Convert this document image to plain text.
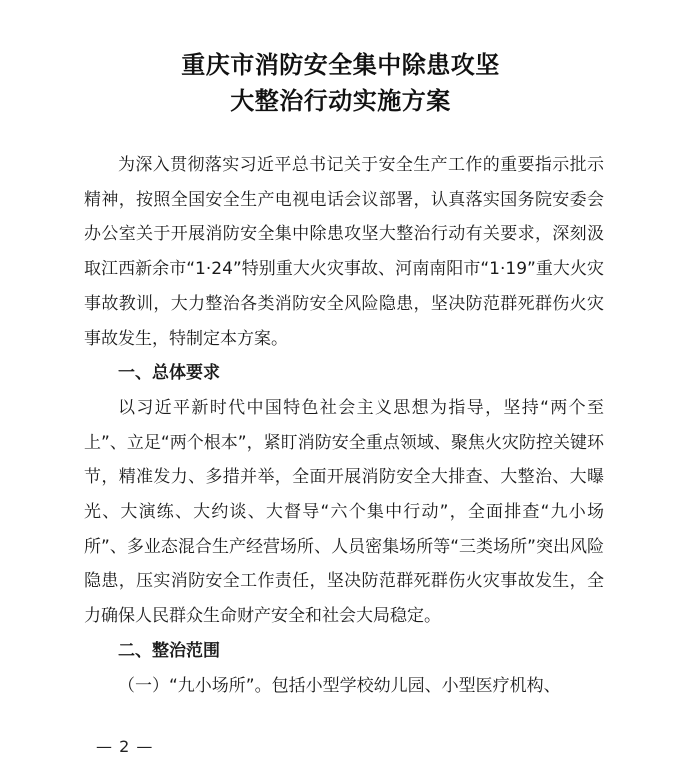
重庆市消防安全集中除患攻坚
大整治行动实施方案

为深入贯彻落实习近平总书记关于安全生产工作的重要指示批示精神，按照全国安全生产电视电话会议部署，认真落实国务院安委会办公室关于开展消防安全集中除患攻坚大整治行动有关要求，深刻汲取江西新余市“1·24”特别重大火灾事故、河南南阳市“1·19”重大火灾事故教训，大力整治各类消防安全风险隐患，坚决防范群死群伤火灾事故发生，特制定本方案。

一、总体要求

以习近平新时代中国特色社会主义思想为指导，坚持“两个至上”、立足“两个根本”，紧盯消防安全重点领域、聚焦火灾防控关键环节，精准发力、多措并举，全面开展消防安全大排查、大整治、大曝光、大演练、大约谈、大督导“六个集中行动”，全面排查“九小场所”、多业态混合生产经营场所、人员密集场所等“三类场所”突出风险隐患，压实消防安全工作责任，坚决防范群死群伤火灾事故发生，全力确保人民群众生命财产安全和社会大局稳定。

二、整治范围

（一）“九小场所”。包括小型学校幼儿园、小型医疗机构、

— 2 —
